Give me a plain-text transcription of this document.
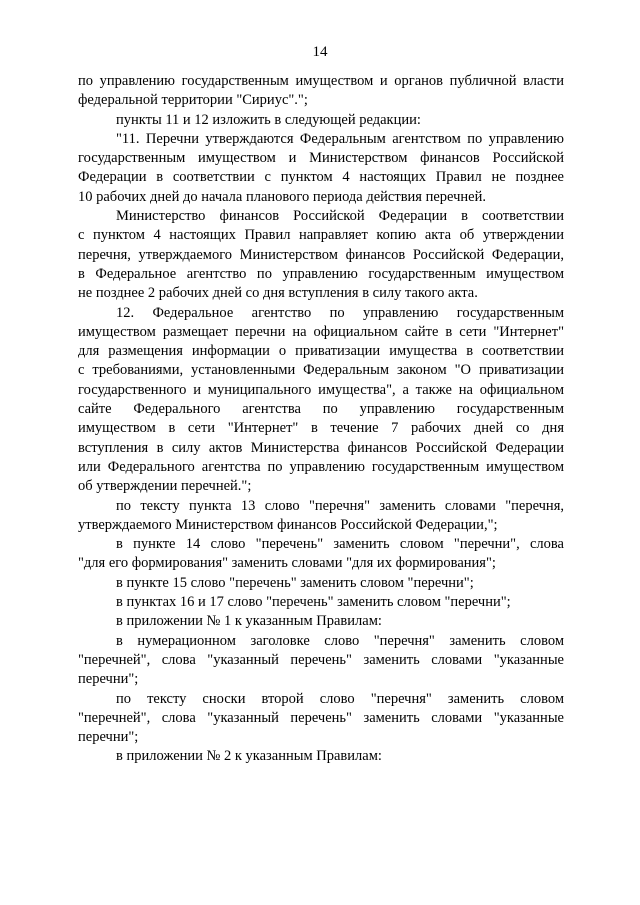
14
по управлению государственным имуществом и органов публичной власти
федеральной территории "Сириус".";
пункты 11 и 12 изложить в следующей редакции:
"11. Перечни утверждаются Федеральным агентством по управлению
государственным имуществом и Министерством финансов Российской
Федерации в соответствии с пунктом 4 настоящих Правил не позднее
10 рабочих дней до начала планового периода действия перечней.
Министерство финансов Российской Федерации в соответствии
с пунктом 4 настоящих Правил направляет копию акта об утверждении
перечня, утверждаемого Министерством финансов Российской Федерации,
в Федеральное агентство по управлению государственным имуществом
не позднее 2 рабочих дней со дня вступления в силу такого акта.
12. Федеральное агентство по управлению государственным
имуществом размещает перечни на официальном сайте в сети "Интернет"
для размещения информации о приватизации имущества в соответствии
с требованиями, установленными Федеральным законом "О приватизации
государственного и муниципального имущества", а также на официальном
сайте Федерального агентства по управлению государственным
имуществом в сети "Интернет" в течение 7 рабочих дней со дня
вступления в силу актов Министерства финансов Российской Федерации
или Федерального агентства по управлению государственным имуществом
об утверждении перечней.";
по тексту пункта 13 слово "перечня" заменить словами "перечня,
утверждаемого Министерством финансов Российской Федерации,";
в пункте 14 слово "перечень" заменить словом "перечни", слова
"для его формирования" заменить словами "для их формирования";
в пункте 15 слово "перечень" заменить словом "перечни";
в пунктах 16 и 17 слово "перечень" заменить словом "перечни";
в приложении № 1 к указанным Правилам:
в нумерационном заголовке слово "перечня" заменить словом
"перечней", слова "указанный перечень" заменить словами "указанные
перечни";
по тексту сноски второй слово "перечня" заменить словом
"перечней", слова "указанный перечень" заменить словами "указанные
перечни";
в приложении № 2 к указанным Правилам:
